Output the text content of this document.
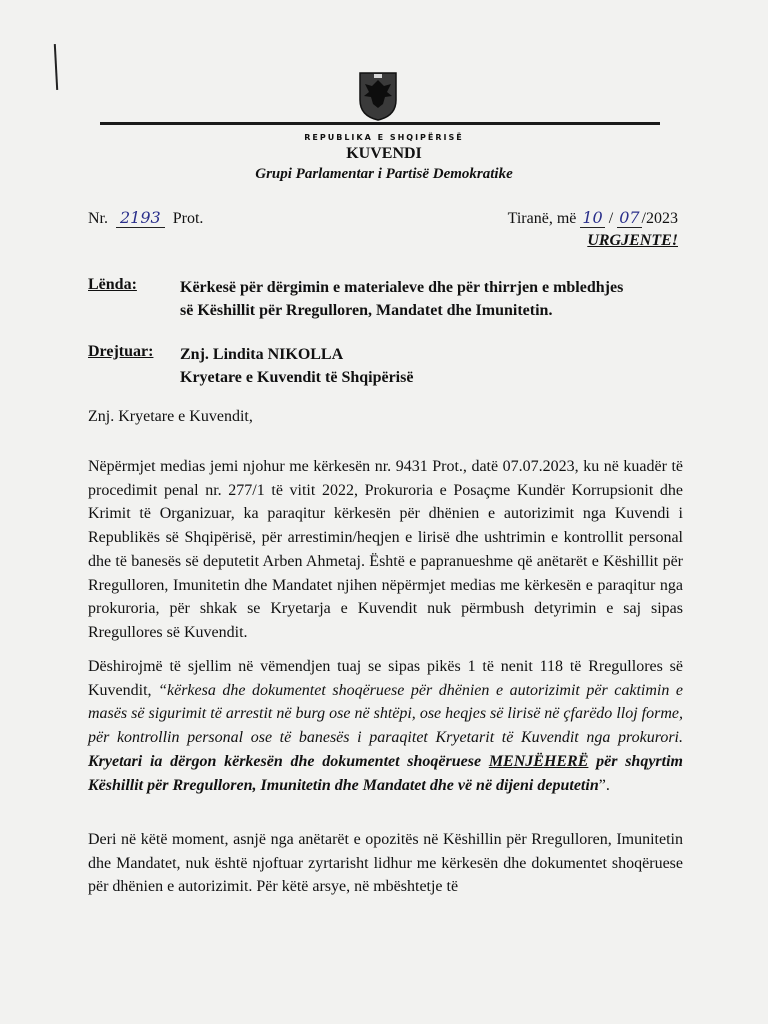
REPUBLIKA E SHQIPËRISË
KUVENDI
Grupi Parlamentar i Partisë Demokratike
Nr. 2193 Prot.	Tiranë, më 10 / 07 /2023
URGJENTE!
Lënda:	Kërkesë për dërgimin e materialeve dhe për thirrjen e mbledhjes
së Këshillit për Rregulloren, Mandatet dhe Imunitetin.
Drejtuar: Znj. Lindita NIKOLLA
Kryetare e Kuvendit të Shqipërisë
Znj. Kryetare e Kuvendit,
Nëpërmjet medias jemi njohur me kërkesën nr. 9431 Prot., datë 07.07.2023, ku në kuadër të procedimit penal nr. 277/1 të vitit 2022, Prokuroria e Posaçme Kundër Korrupsionit dhe Krimit të Organizuar, ka paraqitur kërkesën për dhënien e autorizimit nga Kuvendi i Republikës së Shqipërisë, për arrestimin/heqjen e lirisë dhe ushtrimin e kontrollit personal dhe të banesës së deputetit Arben Ahmetaj. Është e papranueshme që anëtarët e Këshillit për Rregulloren, Imunitetin dhe Mandatet njihen nëpërmjet medias me kërkesën e paraqitur nga prokuroria, për shkak se Kryetarja e Kuvendit nuk përmbush detyrimin e saj sipas Rregullores së Kuvendit.
Dëshirojmë të sjellim në vëmendjen tuaj se sipas pikës 1 të nenit 118 të Rregullores së Kuvendit, “kërkesa dhe dokumentet shoqëruese për dhënien e autorizimit për caktimin e masës së sigurimit të arrestit në burg ose në shtëpi, ose heqjes së lirisë në çfarëdo lloj forme, për kontrollin personal ose të banesës i paraqitet Kryetarit të Kuvendit nga prokurori. Kryetari ia dërgon kërkesën dhe dokumentet shoqëruese MENJËHERË për shqyrtim Këshillit për Rregulloren, Imunitetin dhe Mandatet dhe vë në dijeni deputetin”.
Deri në këtë moment, asnjë nga anëtarët e opozitës në Këshillin për Rregulloren, Imunitetin dhe Mandatet, nuk është njoftuar zyrtarisht lidhur me kërkesën dhe dokumentet shoqëruese për dhënien e autorizimit. Për këtë arsye, në mbështetje të
